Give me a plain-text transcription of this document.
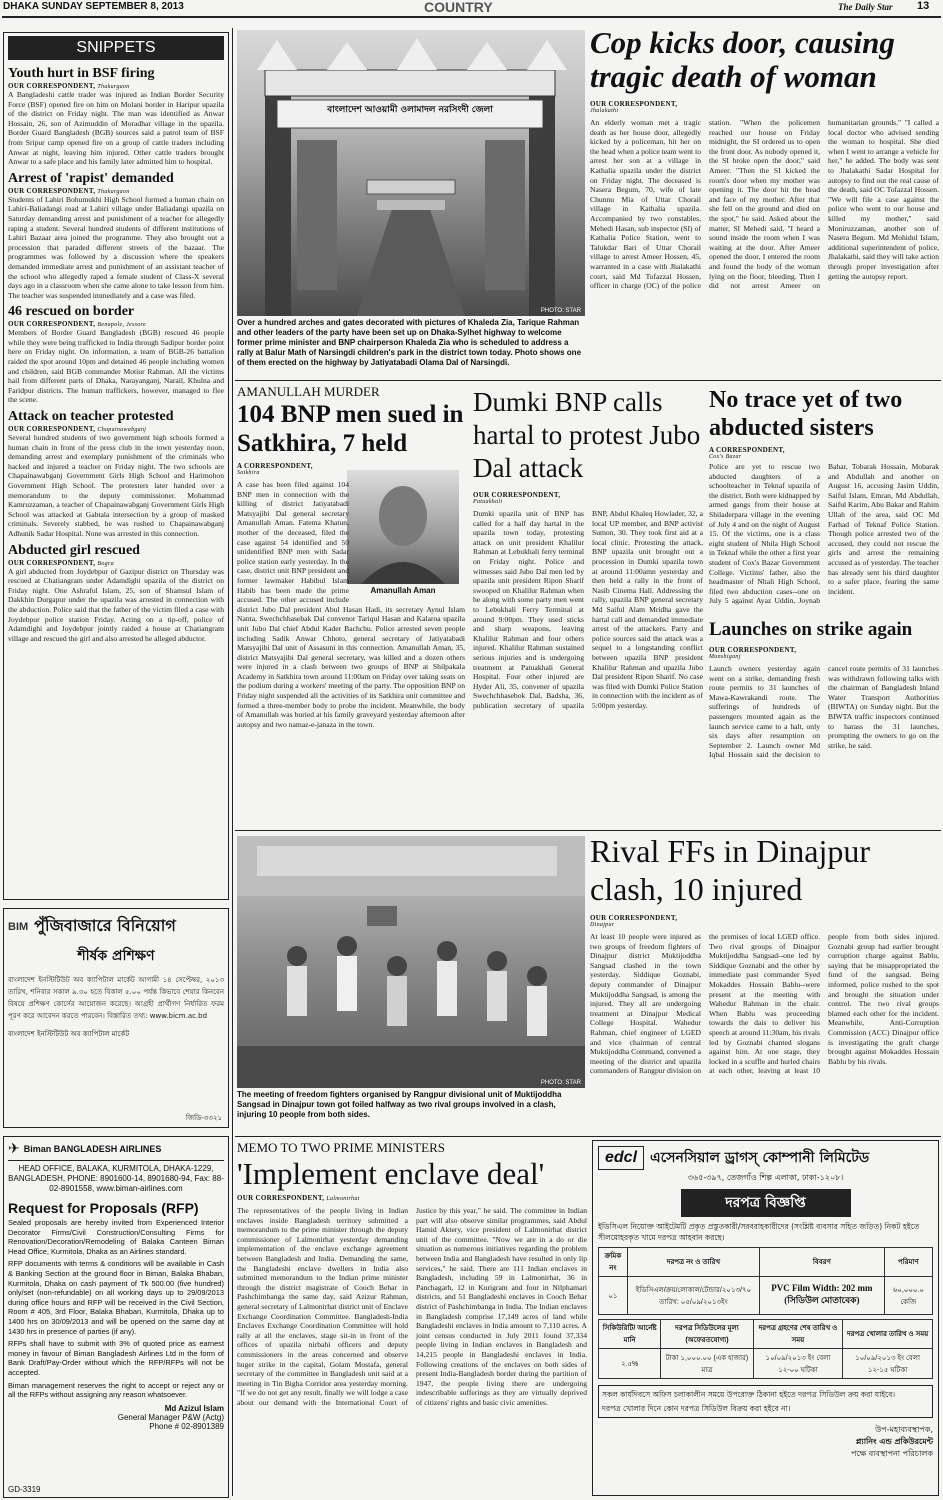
DHAKA SUNDAY SEPTEMBER 8, 2013	COUNTRY	The Daily Star 13
SNIPPETS
Youth hurt in BSF firing
OUR CORRESPONDENT, Thakurgaon
A Bangladeshi cattle trader was injured as Indian Border Security Force (BSF) opened fire on him on Molani border in Haripur upazila of the district on Friday night. The man was identified as Anwar Hossain, 26, son of Azimuddin of Moradhar village in the upazila. Border Guard Bangladesh (BGB) sources said a patrol team of BSF from Sripur camp opened fire on a group of cattle traders including Anwar at night, leaving him injured. Other cattle traders brought Anwar to a safe place and his family later admitted him to hospital.
Arrest of 'rapist' demanded
OUR CORRESPONDENT, Thakurgaon
Students of Lahiri Bohumukhi High School formed a human chain on Lahiri-Baliadangi road at Lahiri village under Baliadangi upazila on Saturday demanding arrest and punishment of a teacher for allegedly raping a student. Several hundred students of different institutions of Lahiri Bazaar area joined the programme. They also brought out a procession that paraded different streets of the bazaar. The programmes was followed by a discussion where the speakers demanded immediate arrest and punishment of an assistant teacher of the school who allegedly raped a female student of Class-X several days ago in a classroom when she came alone to take lesson from him. The teacher was suspended immediately and a case was filed.
46 rescued on border
OUR CORRESPONDENT, Benapole, Jessore
Members of Border Guard Bangladesh (BGB) rescued 46 people while they were being trafficked to India through Sadipur border point here on Friday night. On information, a team of BGB-26 battalion raided the spot around 10pm and detained 46 people including women and children, said BGB commander Motiur Rahman. All the victims hail from different parts of Dhaka, Narayanganj, Narail, Khulna and Faridpur districts. The human traffickers, however, managed to flee the scene.
Attack on teacher protested
OUR CORRESPONDENT, Chapainawabganj
Several hundred students of two government high schools formed a human chain in front of the press club in the town yesterday noon, demanding arrest and exemplary punishment of the criminals who hacked and injured a teacher on Friday night. The two schools are Chapainawabganj Government Girls High School and Harimohon Government High School. The protesters later handed over a memorandum to the deputy commissioner. Mohammad Kamruzzaman, a teacher of Chapainawabganj Government Girls High School was attacked at Gabtala intersection by a group of masked criminals. Severely stabbed, he was rushed to Chapainawabganj Adhunik Sadar Hospital. None was arrested in this connection.
Abducted girl rescued
OUR CORRESPONDENT, Bogra
A girl abducted from Joydebpur of Gazipur district on Thursday was rescued at Chatiangram under Adamdighi upazila of the district on Friday night. One Ashraful Islam, 25, son of Shamsul Islam of Dakkhin Durgapur under the upazila was arrested in connection with the abduction. Police said that the father of the victim filed a case with Joydebpur police station Friday. Acting on a tip-off, police of Adamdighi and Joydebpur jointly raided a house at Chatiangram village and rescued the girl and also arrested he alleged abductor.
BIM পুঁজিবাজারে বিনিয়োগ
শীর্ষক প্রশিক্ষণ
বাংলাদেশ ইনস্টিটিউট অব ক্যাপিটাল মার্কেট আগামী ১৪ সেপ্টেম্বর, ২০১৩ তারিখ, শনিবার সকাল ৯.৩০ হতে বিকাল ৫.০০ পর্যন্ত কিভাবে শেয়ার কিনবেন বিষয়ে প্রশিক্ষণ কোর্সের আয়োজন করেছে। আগ্রহী প্রার্থীগণ নির্ধারিত ফরম পূরণ করে আবেদন করতে পারবেন। বিস্তারিত তথ্য: www.bicm.ac.bd
বাংলাদেশ ইনস্টিটিউট অব ক্যাপিটাল মার্কেট
জিডি-৩৩২১
✈ Biman BANGLADESH AIRLINES
HEAD OFFICE, BALAKA, KURMITOLA, DHAKA-1229, BANGLADESH, PHONE: 8901600-14, 8901680-94, Fax: 88-02-8901558, www.biman-airlines.com
Request for Proposals (RFP)

Sealed proposals are hereby invited from Experienced Interior Decorator Firms/Civil Construction/Consulting Firms for Renovation/Decoration/Remodeling of Balaka Canteen Biman Head Office, Kurmitola, Dhaka as an Airlines standard.

RFP documents with terms & conditions will be available in Cash & Banking Section at the ground floor in Biman, Balaka Bhaban, Kurmitola, Dhaka on cash payment of Tk 500.00 (five hundred) only/set (non-refundable) on all working days up to 29/09/2013 during office hours and RFP will be received in the Civil Section, Room # 405, 3rd Floor, Balaka Bhaban, Kurmitola, Dhaka up to 1400 hrs on 30/09/2013 and will be opened on the same day at 1430 hrs in presence of parties (if any).

RFPs shall have to submit with 3% of quoted price as earnest money in favour of Biman Bangladesh Airlines Ltd in the form of Bank Draft/Pay-Order without which the RFP/RFPs will not be accepted.

Biman management reserves the right to accept or reject any or all the RFPs without assigning any reason whatsoever.

Md Azizul Islam
General Manager P&W (Actg)
Phone # 02-8901389
GD-3319
বাংলাদেশ আওয়ামী ওলামাদল নরসিংদী জেলা
PHOTO: STAR
Over a hundred arches and gates decorated with pictures of Khaleda Zia, Tarique Rahman and other leaders of the party have been set up on Dhaka-Sylhet highway to welcome former prime minister and BNP chairperson Khaleda Zia who is scheduled to address a rally at Balur Math of Narsingdi children's park in the district town today. Photo shows one of them erected on the highway by Jatiyatabadi Olama Dal of Narsingdi.
Cop kicks door, causing tragic death of woman
OUR CORRESPONDENT,
Jhalakathi
An elderly woman met a tragic death as her house door, allegedly kicked by a policeman, hit her on the head when a police team went to arrest her son at a village in Kathalia upazila under the district on Friday night. The deceased is Nasera Begum, 70, wife of late Chunnu Mia of Uttar Chorail village in Kathalia upazila. Accompanied by two constables, Mehedi Hasan, sub inspector (SI) of Kathalia Police Station, went to Talukdar Bari of Uttar Chorail village to arrest Ameer Hossen, 45, warranted in a case with Jhalakathi court, said Md Tofazzal Hossen, officer in charge (OC) of the police station. "When the policemen reached our house on Friday midnight, the SI ordered us to open the front door. As nobody opened it, the SI broke open the door," said Ameer. "Then the SI kicked the room's door when my mother was opening it. The door hit the head and face of my mother. After that she fell on the ground and died on the spot," he said. Asked about the matter, SI Mehedi said, "I heard a sound inside the room when I was waiting at the door. After Ameer opened the door, I entered the room and found the body of the woman lying on the floor, bleeding. Then I did not arrest Ameer on humanitarian grounds." "I called a local doctor who advised sending the woman to hospital. She died when I went to arrange a vehicle for her," he added. The body was sent to Jhalakathi Sadar Hospital for autopsy to find out the real cause of the death, said OC Tofazzal Hossen. "We will file a case against the police who went to our house and killed my mother," said Moniruzzaman, another son of Nasera Begum. Md Mohidul Islam, additional superintendent of police, Jhalakathi, said they will take action through proper investigation after getting the autopsy report.
AMANULLAH MURDER
104 BNP men sued in Satkhira, 7 held
A CORRESPONDENT,
Satkhira
Amanullah Aman
A case has been filed against 104 BNP men in connection with the killing of district Jatiyatabadi Matsyajibi Dal general secretary Amanullah Aman. Fatema Khatun, mother of the deceased, filed the case against 54 identified and 50 unidentified BNP men with Sadar police station early yesterday. In the case, district unit BNP president and former lawmaker Habibul Islam Habib has been made the prime accused. The other accused include district Jubo Dal president Abul Hasan Hadi, its secretary Aynul Islam Nanta, Swechchhasebak Dal convenor Tariqul Hasan and Kalaroa upazila unit Jubo Dal chief Abdul Kader Bachchu. Police arrested seven people including Sadik Anwar Chhoto, general secretary of Jatiyatabadi Matsyajibi Dal unit of Assasuni in this connection. Amanullah Aman, 35, district Matsyajibi Dal general secretary, was killed and a dozen others were injured in a clash between two groups of BNP at Shilpakala Academy in Satkhira town around 11:00am on Friday over taking seats on the podium during a workers' meeting of the party. The opposition BNP on Friday night suspended all the activities of its Satkhira unit committee and formed a three-member body to probe the incident. Meanwhile, the body of Amanullah was buried at his family graveyard yesterday afternoon after autopsy and two namaz-e-janaza in the town.
Dumki BNP calls hartal to protest Jubo Dal attack
OUR CORRESPONDENT,
Patuakhali
Dumki upazila unit of BNP has called for a half day hartal in the upazila town today, protesting attack on unit president Khalilur Rahman at Lebukhali ferry terminal on Friday night. Police and witnesses said Jubo Dal men led by upazila unit president Ripon Sharif swooped on Khalilur Rahman when he along with some party men went to Lebukhali Ferry Terminal at around 9:00pm. They used sticks and sharp weapons, leaving Khalilur Rahman and four others injured. Khalilur Rahman sustained serious injuries and is undergoing treatment at Patuakhali General Hospital. Four other injured are Hyder Ali, 35, convener of upazila Swechchhasebok Dal, Badsha, 36, publication secretary of upazila BNP, Abdul Khaleq Howlader, 32, a local UP member, and BNP activist Sumon, 30. They took first aid at a local clinic. Protesting the attack, BNP upazila unit brought out a procession in Dumki upazila town at around 11:00amn yesterday and then held a rally in the front of Nasib Cinema Hall. Addressing the rally, upazila BNP general secretary Md Saiful Alam Mridha gave the hartal call and demanded immediate arrest of the attackers. Party and police sources said the attack was a sequel to a longstanding conflict between upazila BNP president Khalilur Rahman and upazila Jubo Dal president Ripon Sharif. No case was filed with Dumki Police Station in connection with the incident as of 5:00pm yesterday.
No trace yet of two abducted sisters
A CORRESPONDENT,
Cox's Bazar
Police are yet to rescue two abducted daughters of a schoolteacher in Teknaf upazila of the district. Both were kidnapped by armed gangs from their house at Shiladerpara village in the evening of July 4 and on the night of August 15. Of the victims, one is a class eight student of Nhila High School in Teknaf while the other a first year student of Cox's Bazar Government College. Victims' father, also the headmaster of Nhali High School, filed two abduction cases--one on July 5 against Ayaz Uddin, Joynab Bahar, Tobarak Hossain, Mobarak and Abdullah and another on August 16, accusing Jasim Uddin, Saiful Islam, Emran, Md Abdullah, Saiful Karim, Abu Bakar and Rahim Ullah of the area, said OC Md Farhad of Teknaf Police Station. Though police arrested two of the accused, they could not rescue the girls and arrest the remaining accused as of yesterday. The teacher has already sent his third daughter to a safer place, fearing the same incident.
Launches on strike again
OUR CORRESPONDENT,
Munshiganj
Launch owners yesterday again went on a strike, demanding fresh route permits to 31 launches of Mawa-Kawrakandi route. The sufferings of hundreds of passengers mounted again as the launch service came to a halt, only six days after resumption on September 2. Launch owner Md Iqbal Hossain said the decision to cancel route permits of 31 launches was withdrawn following talks with the chairman of Bangladesh Inland Water Transport Authorities (BIWTA) on Sunday night. But the BIWTA traffic inspectors continued to harass the 31 launches, prompting the owners to go on the strike, he said.
PHOTO: STAR
The meeting of freedom fighters organised by Rangpur divisional unit of Muktijoddha Sangsad in Dinajpur town got foiled halfway as two rival groups involved in a clash, injuring 10 people from both sides.
Rival FFs in Dinajpur clash, 10 injured
OUR CORRESPONDENT,
Dinajpur
At least 10 people were injured as two groups of freedom fighters of Dinajpur district Muktijoddha Sangsad clashed in the town yesterday. Siddique Goznabi, deputy commander of Dinajpur Muktijoddha Sangsad, is among the injured. They all are undergoing treatment at Dinajpur Medical College Hospital. Wahedur Rahman, chief engineer of LGED and vice chairman of central Muktijoddha Command, convened a meeting of the district and upazila commanders of Rangpur division on the premises of local LGED office. Two rival groups of Dinajpur Muktijoddha Sangsad--one led by Siddique Goznabi and the other by immediate past commander Syed Mokaddes Hossain Bablu--were present at the meeting with Wahedur Rahman in the chair. When Bablu was proceeding towards the dais to deliver his speech at around 11:30am, his rivals led by Goznabi chanted slogans against him. At one stage, they locked in a scuffle and hurled chairs at each other, leaving at least 10 people from both sides injured. Goznabi group had earlier brought corruption charge against Bablu, saying that he misappropriated the fund of the sangsad. Being informed, police rushed to the spot and brought the situation under control. The two rival groups blamed each other for the incident. Meanwhile, Anti-Corruption Commission (ACC) Dinajpur office is investigating the graft charge brought against Mokaddes Hossain Bablu by his rivals.
MEMO TO TWO PRIME MINISTERS
'Implement enclave deal'
OUR CORRESPONDENT, Lalmonirhat
The representatives of the people living in Indian enclaves inside Bangladesh territory submitted a memorandum to the prime minister through the deputy commissioner of Lalmonirhat yesterday demanding implementation of the enclave exchange agreement between Bangladesh and India. Demanding the same, the Bangladeshi enclave dwellers in India also submitted memorandum to the Indian prime minister through the district magistrate of Cooch Behar in Pashchimbanga the same day, said Azizur Rahman, general secretary of Lalmonirhat district unit of Enclave Exchange Coordination Committee. Bangladesh-India Enclaves Exchange Coordination Committee will hold rally at all the enclaves, stage sit-in in front of the offices of upazila nirbahi officers and deputy commissioners in the areas concerned and observe huger strike in the capital, Golam Mostafa, general secretary of the committee in Bangladesh unit said at a meeting in Tin Bigha Corridor area yesterday morning. "If we do not get any result, finally we will lodge a case about our demand with the International Court of Justice by this year," he said. The committee in Indian part will also observe similar programmes, said Abdul Hamid Aktery, vice president of Lalmonirhat district unit of the committee. "Now we are in a do or die situation as numerous initiatives regarding the problem between India and Bangladesh have resulted in only lip services," he said. There are 111 Indian enclaves in Bangladesh, including 59 in Lalmonirhat, 36 in Panchagarh, 12 in Kurigram and four in Nilphamari districts, and 51 Bangladeshi enclaves in Cooch Behar district of Pashchimbanga in India. The Indian enclaves in Bangladesh comprise 17,149 acres of land while Bangladeshi enclaves in India amount to 7,110 acres. A joint census conducted in July 2011 found 37,334 people living in Indian enclaves in Bangladesh and 14,215 people in Bangladeshi enclaves in India. Following creations of the enclaves on both sides of present India-Bangladesh border during the partition of 1947, the people living there are undergoing indescribable sufferings as they are virtually deprived of citizens' rights and basic civic amenities.
edcl এসেনসিয়াল ড্রাগস্ কোম্পানী লিমিটেড
৩৬৫-৩৯৭, তেজগাঁও শিল্প এলাকা, ঢাকা-১২০৮।
দরপত্র বিজ্ঞপ্তি
ইডিসিএল নিয়োক্ত আইটেমটি প্রকৃত প্রস্তুতকারী/সরবরাহকারীদের (সংশ্লিষ্ট ব্যবসার সহিত জড়িত) নিকট হইতে সীলমোহরকৃত খামে দরপত্র আহবান করছে।
ক্রমিক নং	দরপত্র নং ও তারিখ	বিবরণ	পরিমাণ
০১	ইডিসিএল/ক্রয়/লোকাল/টেন্ডার/২০১৩/৭০ তারিখ: ০৫/০৯/২০১৩ইং	PVC Film Width: 202 mm (সিডিউল মোতাবেক)	৬০,০০০.০ কেজি
সিকিউরিটি/ আর্নেষ্ট মানি	দরপত্র সিডিউলের মূল্য (অফেরতযোগ্য)	দরপত্র গ্রহণের শেষ তারিখ ও সময়	দরপত্র খোলার তারিখ ও সময়
২.৫%	টাকা ১,০০০.০০ (এক হাজার) মাত্র	১০/০৯/২০১৩ ইং বেলা ১২-০০ ঘটিকা	১০/০৯/২০১৩ ইং বেলা ১২-১৫ ঘটিকা
সকল কার্যদিবসে অফিস চলাকালীন সময়ে উপরোক্ত ঠিকানা হইতে দরপত্র সিডিউল ক্রয় করা যাইবে।
দরপত্র খোলার দিনে কোন দরপত্র সিডিউল বিক্রয় করা হইবে না।
উপ-মহাব্যবস্থাপক,
প্ল্যানিং এন্ড প্রকিউরমেন্ট
পক্ষে ব্যবস্থাপনা পরিচালক
